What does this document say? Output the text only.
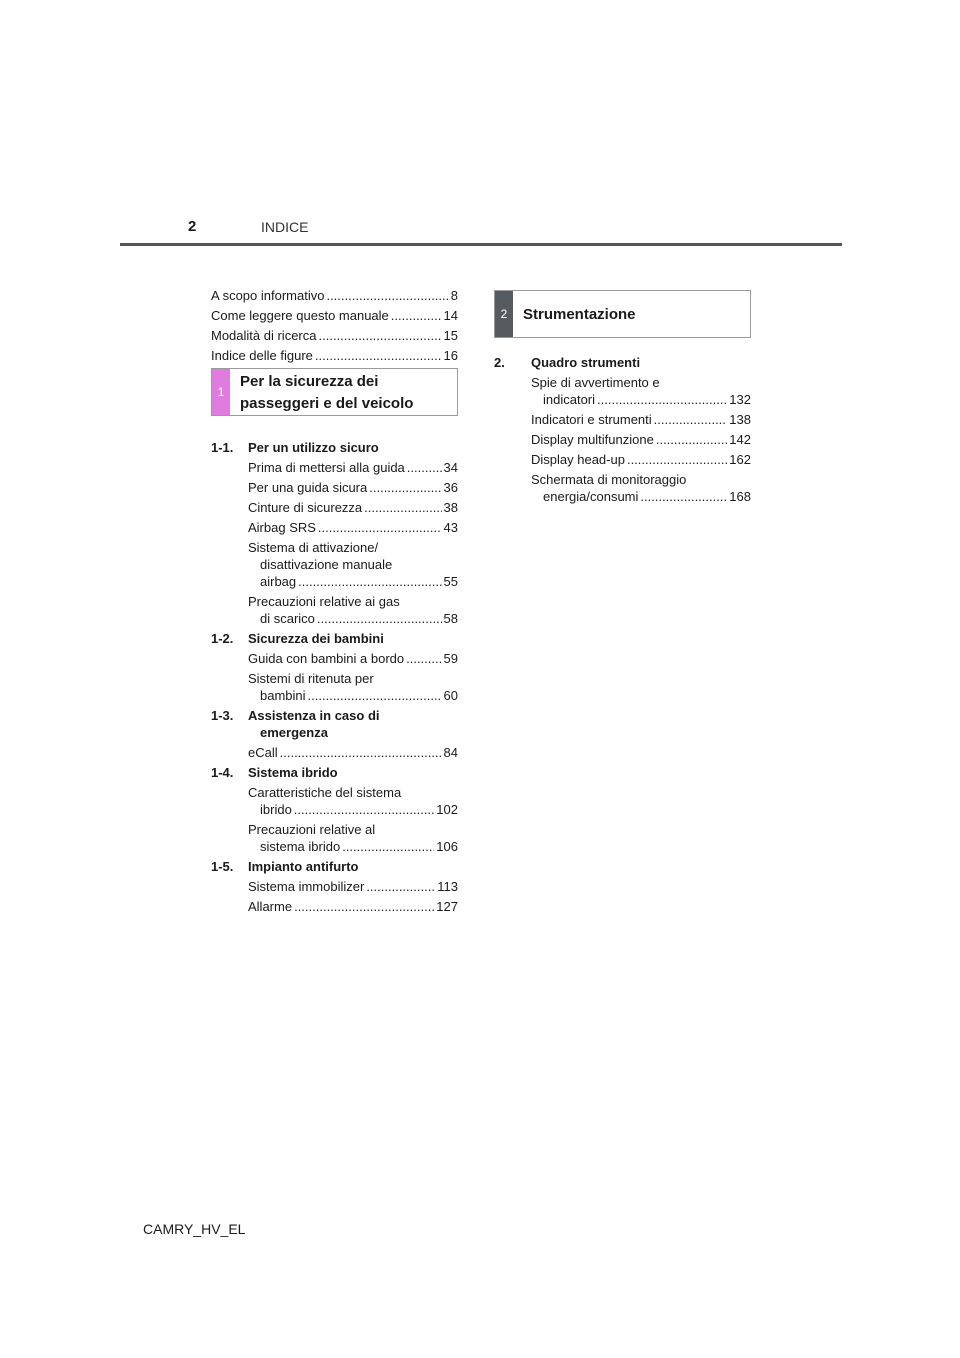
2	INDICE
A scopo informativo .....	8
Come leggere questo manuale .....	14
Modalità di ricerca .....	15
Indice delle figure .....	16
1
Per la sicurezza dei
passeggeri e del veicolo
1-1.	Per un utilizzo sicuro
Prima di mettersi alla guida .....	34
Per una guida sicura .....	36
Cinture di sicurezza .....	38
Airbag SRS .....	43
Sistema di attivazione/
disattivazione manuale
airbag .....	55
Precauzioni relative ai gas
di scarico .....	58
1-2.	Sicurezza dei bambini
Guida con bambini a bordo .....	59
Sistemi di ritenuta per
bambini .....	60
1-3.	Assistenza in caso di
emergenza
eCall .....	84
1-4.	Sistema ibrido
Caratteristiche del sistema
ibrido .....	102
Precauzioni relative al
sistema ibrido .....	106
1-5.	Impianto antifurto
Sistema immobilizer .....	113
Allarme .....	127
2	Strumentazione
2.	Quadro strumenti
Spie di avvertimento e
indicatori .....	132
Indicatori e strumenti .....	138
Display multifunzione .....	142
Display head-up .....	162
Schermata di monitoraggio
energia/consumi .....	168
CAMRY_HV_EL
